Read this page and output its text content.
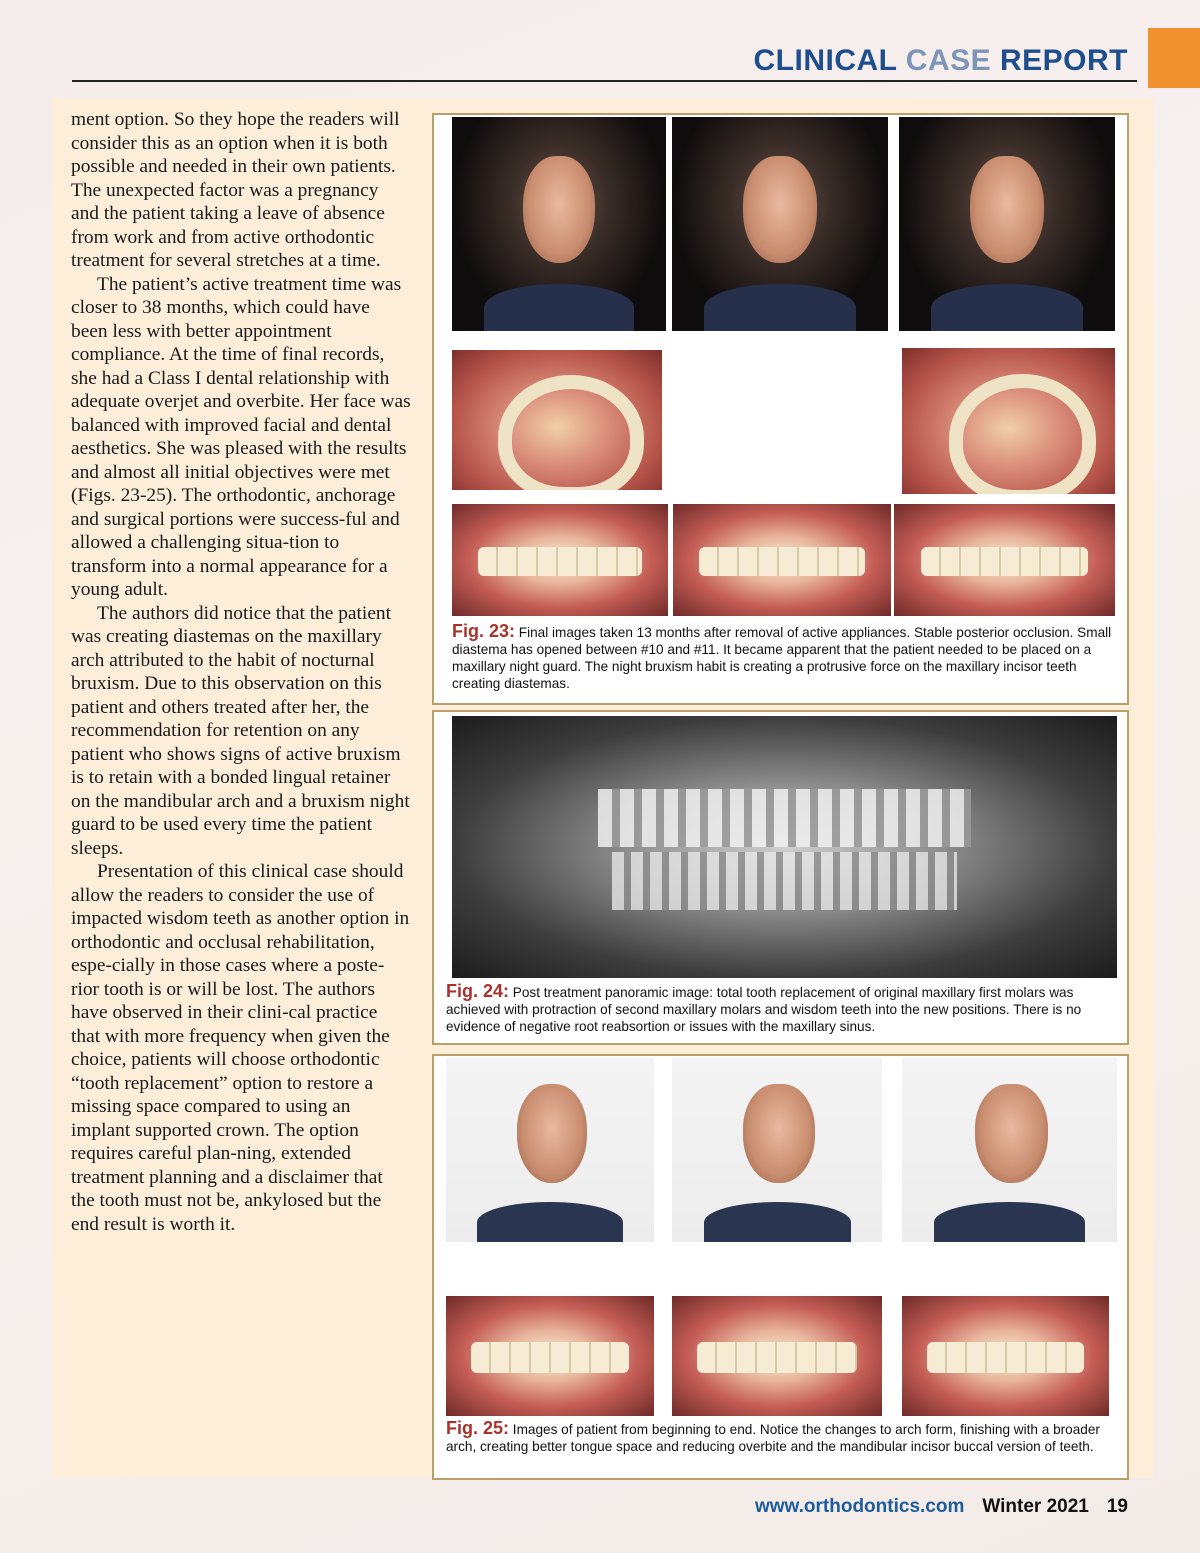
CLINICAL CASE REPORT

ment option. So they hope the readers will consider this as an option when it is both possible and needed in their own patients. The unexpected factor was a pregnancy and the patient taking a leave of absence from work and from active orthodontic treatment for several stretches at a time.

The patient’s active treatment time was closer to 38 months, which could have been less with better appointment compliance. At the time of final records, she had a Class I dental relationship with adequate overjet and overbite. Her face was balanced with improved facial and dental aesthetics. She was pleased with the results and almost all initial objectives were met (Figs. 23-25). The orthodontic, anchorage and surgical portions were success-ful and allowed a challenging situa-tion to transform into a normal appearance for a young adult.

The authors did notice that the patient was creating diastemas on the maxillary arch attributed to the habit of nocturnal bruxism. Due to this observation on this patient and others treated after her, the recommendation for retention on any patient who shows signs of active bruxism is to retain with a bonded lingual retainer on the mandibular arch and a bruxism night guard to be used every time the patient sleeps.

Presentation of this clinical case should allow the readers to consider the use of impacted wisdom teeth as another option in orthodontic and occlusal rehabilitation, espe-cially in those cases where a poste-rior tooth is or will be lost. The authors have observed in their clini-cal practice that with more frequency when given the choice, patients will choose orthodontic “tooth replacement” option to restore a missing space compared to using an implant supported crown. The option requires careful plan-ning, extended treatment planning and a disclaimer that the tooth must not be, ankylosed but the end result is worth it.

Fig. 23: Final images taken 13 months after removal of active appliances. Stable posterior occlusion. Small diastema has opened between #10 and #11. It became apparent that the patient needed to be placed on a maxillary night guard. The night bruxism habit is creating a protrusive force on the maxillary incisor teeth creating diastemas.
Fig. 24: Post treatment panoramic image: total tooth replacement of original maxillary first molars was achieved with protraction of second maxillary molars and wisdom teeth into the new positions. There is no evidence of negative root reabsortion or issues with the maxillary sinus.
Fig. 25: Images of patient from beginning to end. Notice the changes to arch form, finishing with a broader arch, creating better tongue space and reducing overbite and the mandibular incisor buccal version of teeth.
www.orthodontics.com Winter 2021 19
